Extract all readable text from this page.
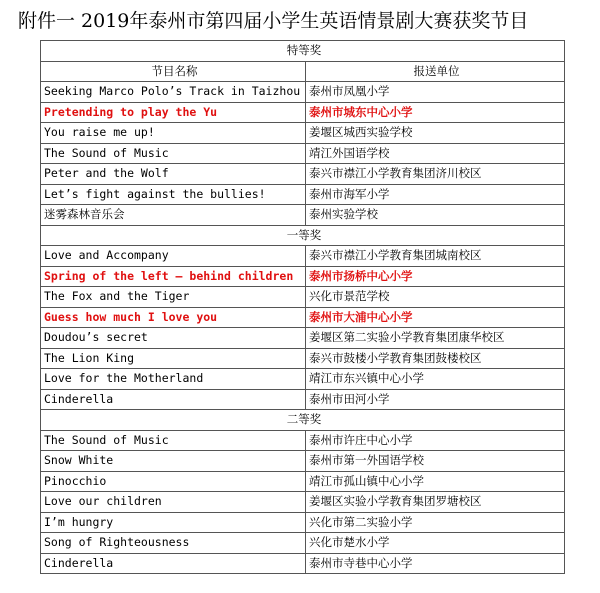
附件一 2019年泰州市第四届小学生英语情景剧大赛获奖节目
特等奖	
节目名称	报送单位
Seeking Marco Polo’s Track in Taizhou	泰州市凤凰小学
Pretending to play the Yu	泰州市城东中心小学
You raise me up!	姜堰区城西实验学校
The Sound of Music	靖江外国语学校
Peter and the Wolf	泰兴市襟江小学教育集团济川校区
Let’s fight against the bullies!	泰州市海军小学
迷雾森林音乐会	泰州实验学校
一等奖	
Love and Accompany	泰兴市襟江小学教育集团城南校区
Spring of the left — behind children	泰州市扬桥中心小学
The Fox and the Tiger	兴化市景范学校
Guess how much I love you	泰州市大浦中心小学
Doudou’s secret	姜堰区第二实验小学教育集团康华校区
The Lion King	泰兴市鼓楼小学教育集团鼓楼校区
Love for the Motherland	靖江市东兴镇中心小学
Cinderella	泰州市田河小学
二等奖	
The Sound of Music	泰州市许庄中心小学
Snow White	泰州市第一外国语学校
Pinocchio	靖江市孤山镇中心小学
Love our children	姜堰区实验小学教育集团罗塘校区
I’m hungry	兴化市第二实验小学
Song of Righteousness	兴化市楚水小学
Cinderella	泰州市寺巷中心小学
